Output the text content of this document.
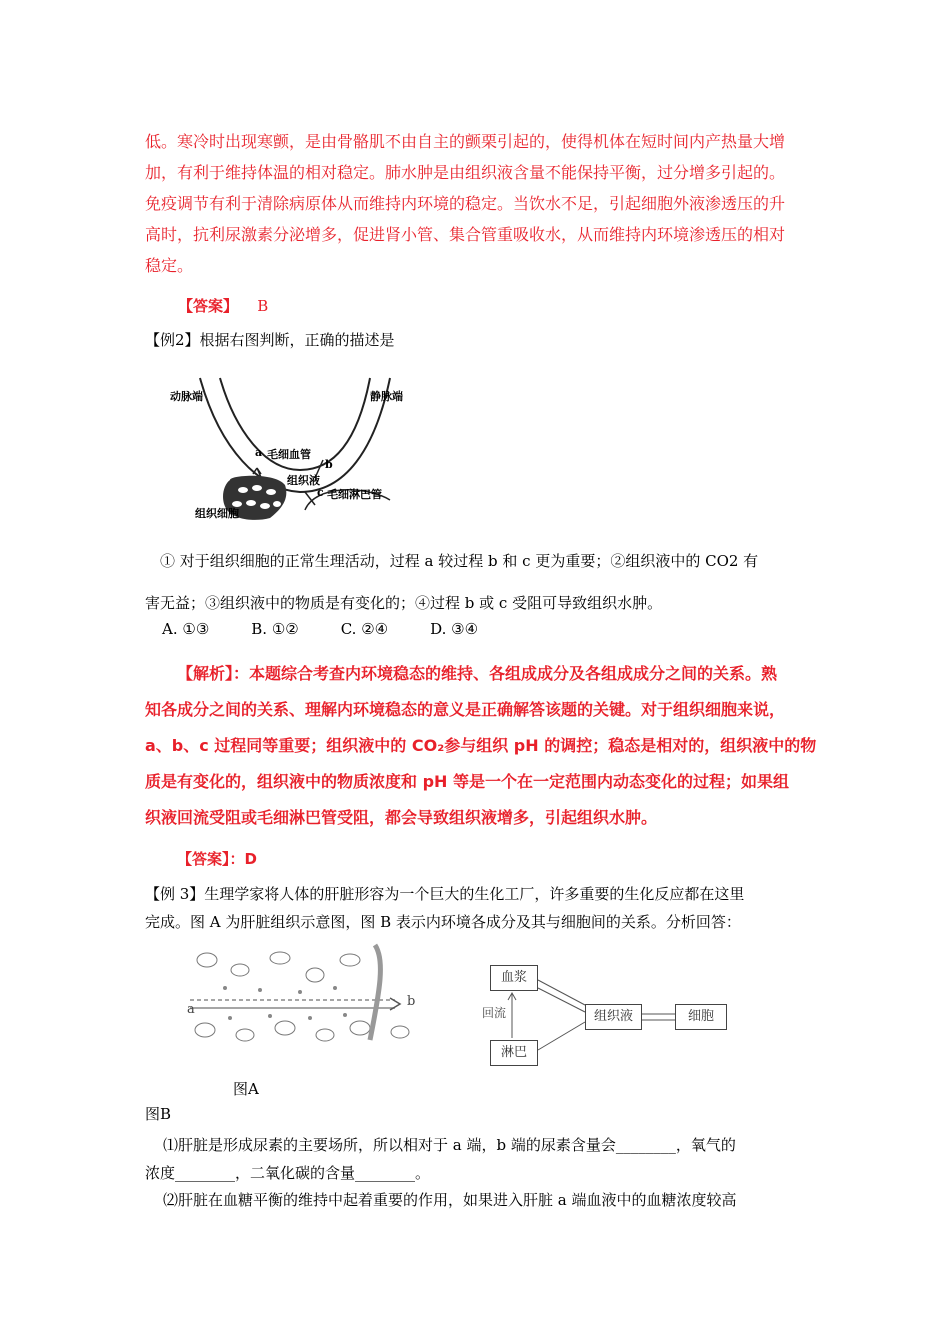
低。寒冷时出现寒颤，是由骨骼肌不由自主的颤栗引起的，使得机体在短时间内产热量大增
加，有利于维持体温的相对稳定。肺水肿是由组织液含量不能保持平衡，过分增多引起的。
免疫调节有利于清除病原体从而维持内环境的稳定。当饮水不足，引起细胞外液渗透压的升
高时，抗利尿激素分泌增多，促进肾小管、集合管重吸收水，从而维持内环境渗透压的相对
稳定。
【答案】 B
【例2】根据右图判断，正确的描述是
动脉端	静脉端
a 毛细血管
b
组织液
c 毛细淋巴管
组织细胞
① 对于组织细胞的正常生理活动，过程 a 较过程 b 和 c 更为重要；②组织液中的 CO2 有
害无益；③组织液中的物质是有变化的；④过程 b 或 c 受阻可导致组织水肿。
A. ①③	B. ①②	C. ②④	D. ③④
【解析】：本题综合考查内环境稳态的维持、各组成成分及各组成成分之间的关系。熟
知各成分之间的关系、理解内环境稳态的意义是正确解答该题的关键。对于组织细胞来说，
a、b、c 过程同等重要；组织液中的 CO₂参与组织 pH 的调控；稳态是相对的，组织液中的物
质是有变化的，组织液中的物质浓度和 pH 等是一个在一定范围内动态变化的过程；如果组
织液回流受阻或毛细淋巴管受阻，都会导致组织液增多，引起组织水肿。
【答案】：D
【例 3】生理学家将人体的肝脏形容为一个巨大的生化工厂，许多重要的生化反应都在这里
完成。图 A 为肝脏组织示意图，图 B 表示内环境各成分及其与细胞间的关系。分析回答：
a
b
血浆
组织液	细胞
淋巴
回流
图A
图B
⑴肝脏是形成尿素的主要场所，所以相对于 a 端，b 端的尿素含量会________，氧气的
浓度________，二氧化碳的含量________。
⑵肝脏在血糖平衡的维持中起着重要的作用，如果进入肝脏 a 端血液中的血糖浓度较高
